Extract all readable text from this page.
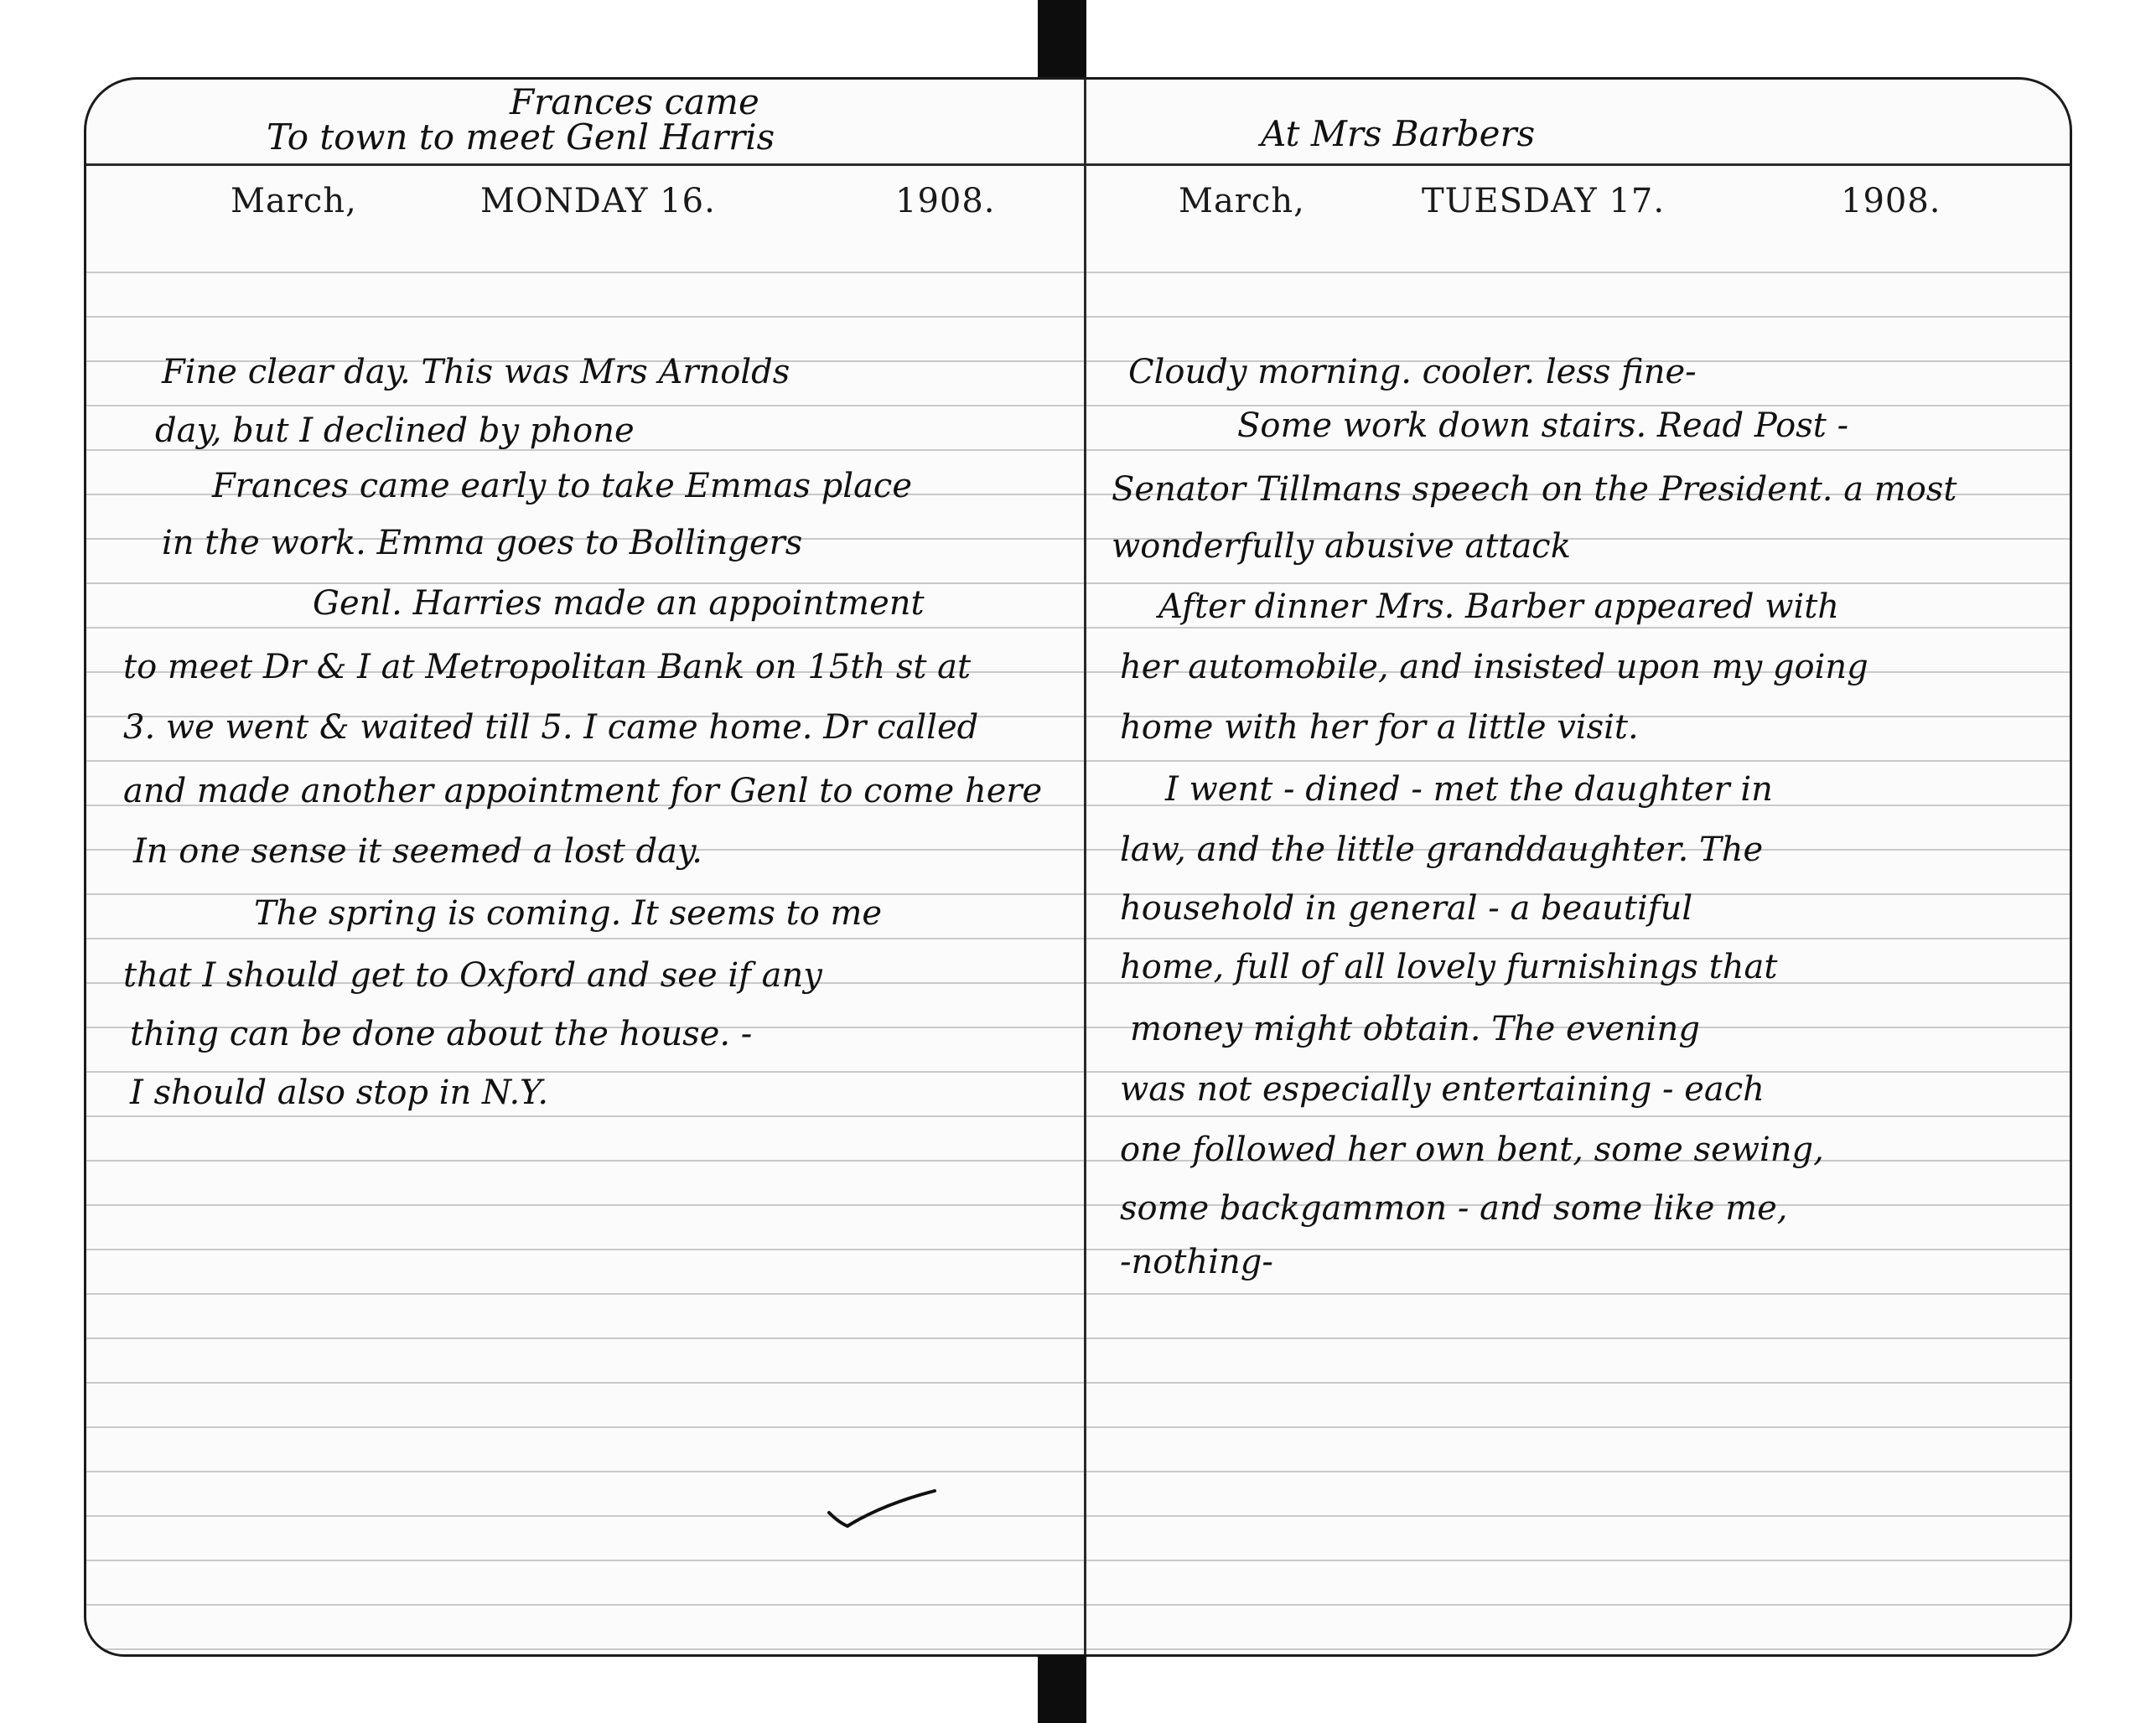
Frances came
To town to meet Genl Harris
March,	MONDAY 16.	1908.
Fine clear day. This was Mrs Arnolds
day, but I declined by phone
Frances came early to take Emmas place
in the work. Emma goes to Bollingers
Genl. Harries made an appointment
to meet Dr & I at Metropolitan Bank on 15th st at
3. we went & waited till 5. I came home. Dr called
and made another appointment for Genl to come here
In one sense it seemed a lost day.
The spring is coming. It seems to me
that I should get to Oxford and see if any
thing can be done about the house. -
I should also stop in N.Y.
At Mrs Barbers
March,	TUESDAY 17.	1908.
Cloudy morning. cooler. less fine-
Some work down stairs. Read Post -
Senator Tillmans speech on the President. a most
wonderfully abusive attack
After dinner Mrs. Barber appeared with
her automobile, and insisted upon my going
home with her for a little visit.
I went - dined - met the daughter in
law, and the little granddaughter. The
household in general - a beautiful
home, full of all lovely furnishings that
money might obtain. The evening
was not especially entertaining - each
one followed her own bent, some sewing,
some backgammon - and some like me,
-nothing-
